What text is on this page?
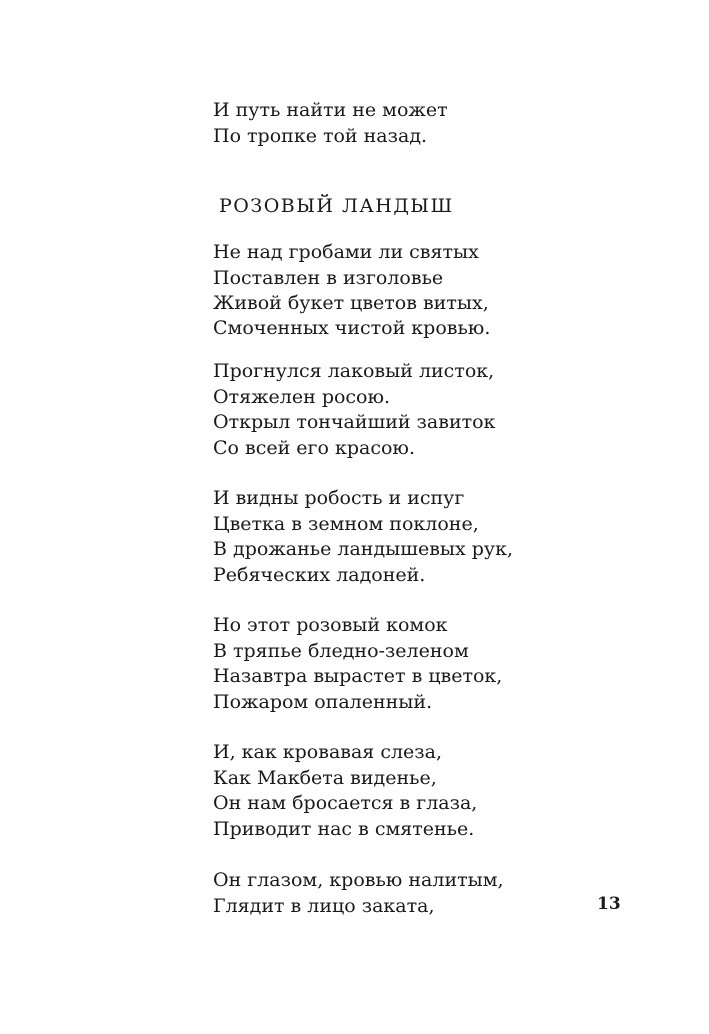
И путь найти не может
По тропке той назад.
РОЗОВЫЙ ЛАНДЫШ
Не над гробами ли святых
Поставлен в изголовье
Живой букет цветов витых,
Смоченных чистой кровью.
Прогнулся лаковый листок,
Отяжелен росою.
Открыл тончайший завиток
Со всей его красою.
И видны робость и испуг
Цветка в земном поклоне,
В дрожанье ландышевых рук,
Ребяческих ладоней.
Но этот розовый комок
В тряпье бледно-зеленом
Назавтра вырастет в цветок,
Пожаром опаленный.
И, как кровавая слеза,
Как Макбета виденье,
Он нам бросается в глаза,
Приводит нас в смятенье.
Он глазом, кровью налитым,
Глядит в лицо заката,	13
